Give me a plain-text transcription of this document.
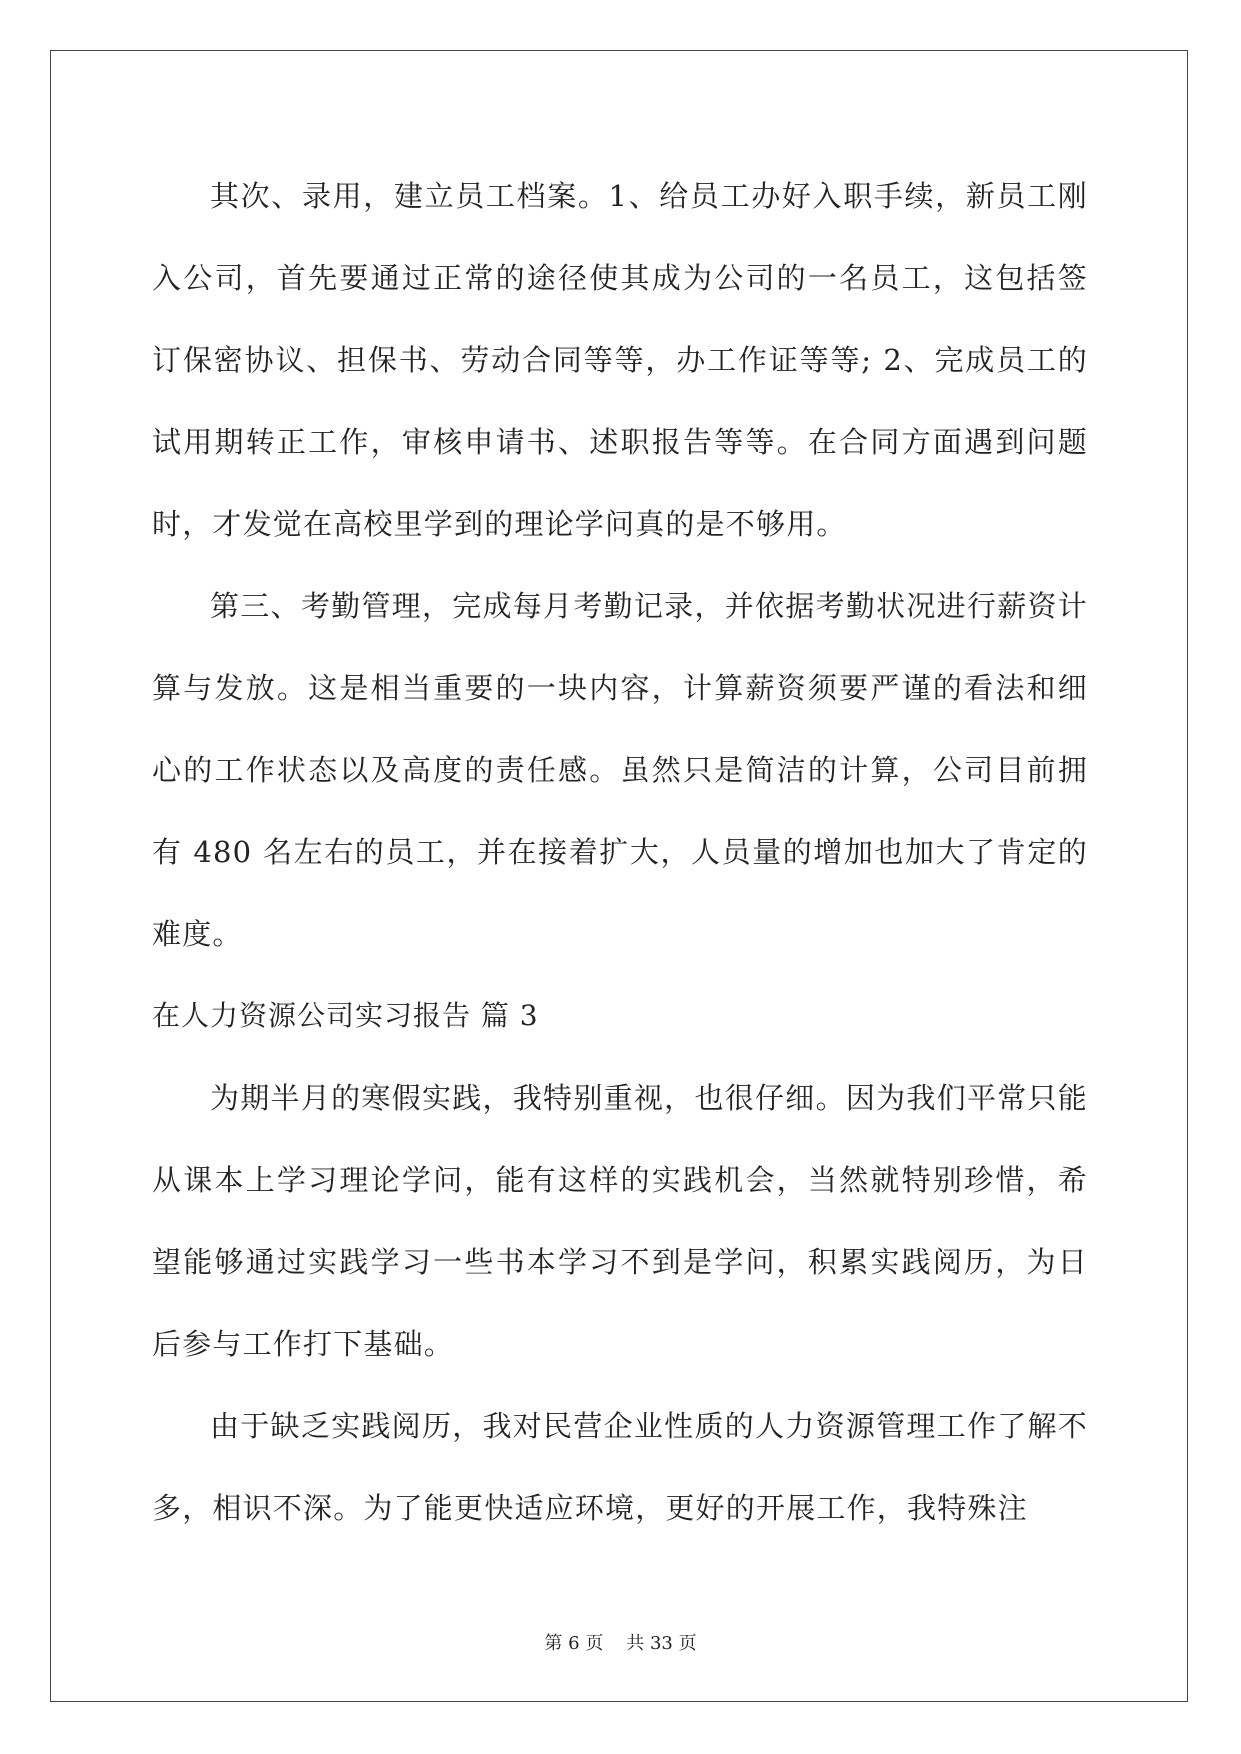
其次、录用，建立员工档案。1、给员工办好入职手续，新员工刚入公司，首先要通过正常的途径使其成为公司的一名员工，这包括签订保密协议、担保书、劳动合同等等，办工作证等等; 2、完成员工的试用期转正工作，审核申请书、述职报告等等。在合同方面遇到问题时，才发觉在高校里学到的理论学问真的是不够用。

第三、考勤管理，完成每月考勤记录，并依据考勤状况进行薪资计算与发放。这是相当重要的一块内容，计算薪资须要严谨的看法和细心的工作状态以及高度的责任感。虽然只是简洁的计算，公司目前拥有 480 名左右的员工，并在接着扩大，人员量的增加也加大了肯定的难度。

在人力资源公司实习报告 篇 3

为期半月的寒假实践，我特别重视，也很仔细。因为我们平常只能从课本上学习理论学问，能有这样的实践机会，当然就特别珍惜，希望能够通过实践学习一些书本学习不到是学问，积累实践阅历，为日后参与工作打下基础。

由于缺乏实践阅历，我对民营企业性质的人力资源管理工作了解不多，相识不深。为了能更快适应环境，更好的开展工作，我特殊注

第 6 页 共 33 页
